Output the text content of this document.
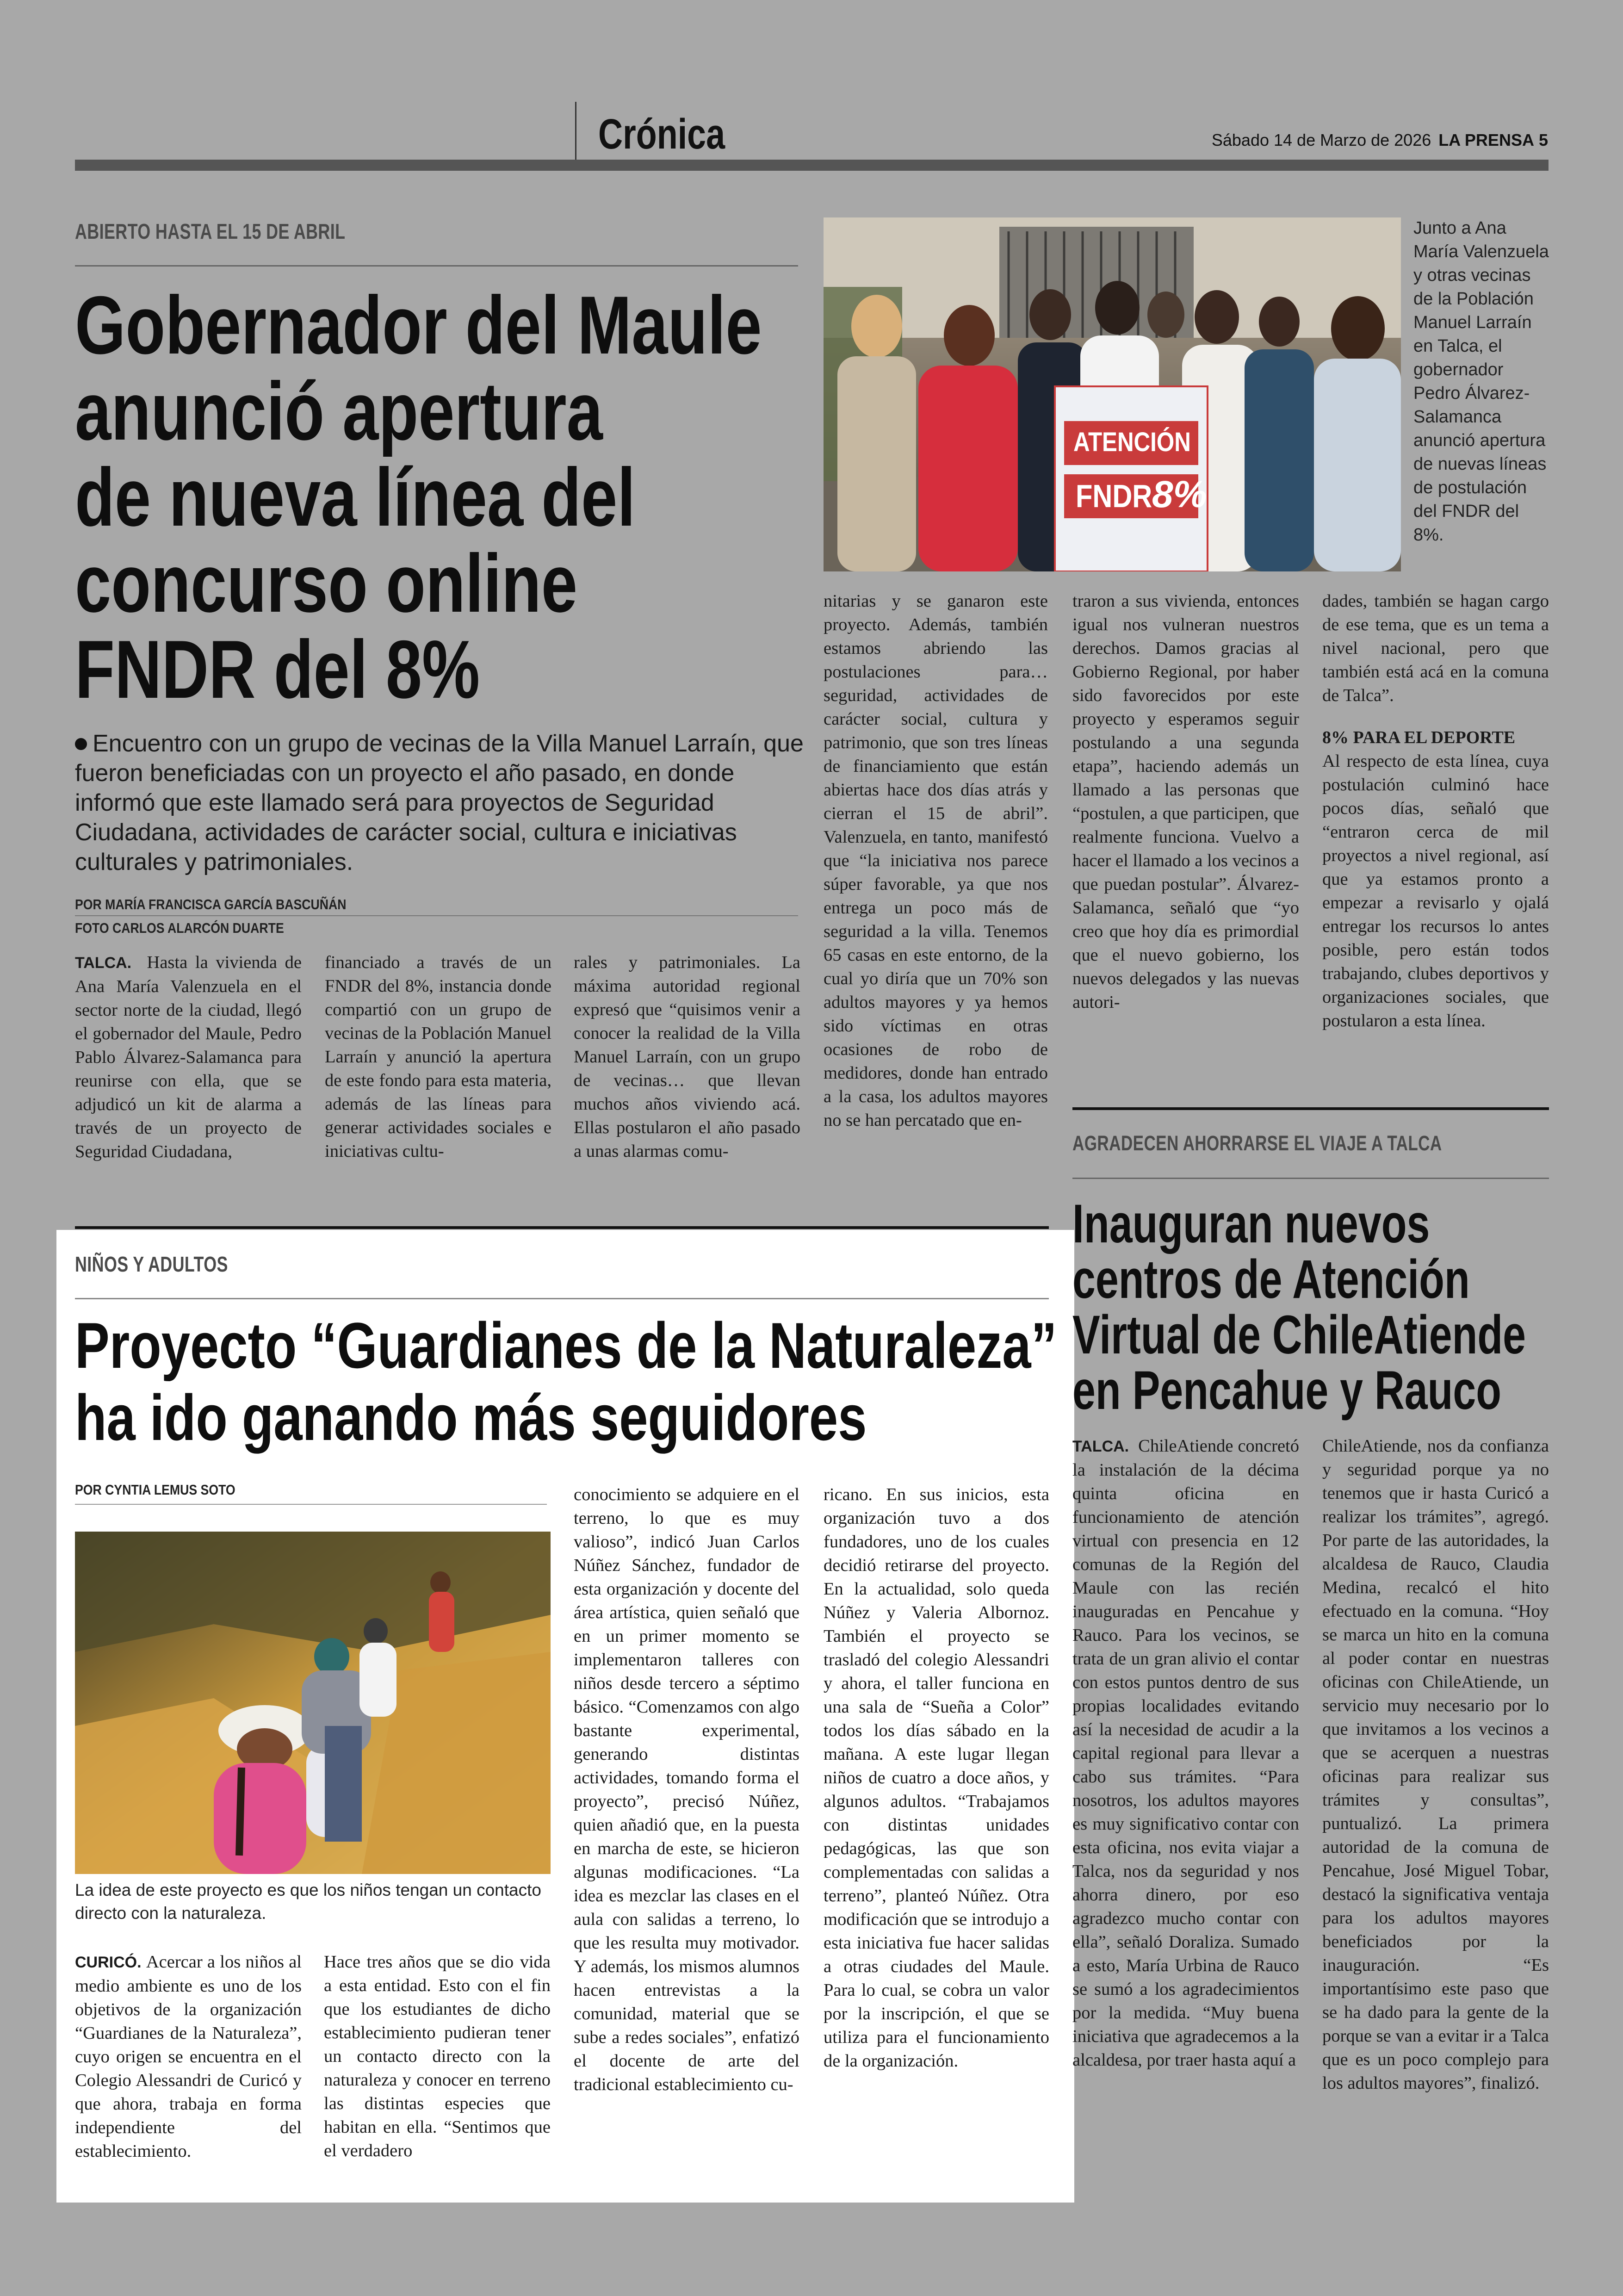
Crónica	Sábado 14 de Marzo de 2026 LA PRENSA 5
ABIERTO HASTA EL 15 DE ABRIL
Gobernador del Maule
anunció apertura
de nueva línea del
concurso online
FNDR del 8%
Encuentro con un grupo de vecinas de la Villa Manuel Larraín, que fueron beneficiadas con un proyecto el año pasado, en donde informó que este llamado será para proyectos de Seguridad Ciudadana, actividades de carácter social, cultura e iniciativas culturales y patrimoniales.
POR MARÍA FRANCISCA GARCÍA BASCUÑÁN
FOTO CARLOS ALARCÓN DUARTE
ATENCIÓN
FNDR 8%
Junto a Ana María Valenzuela y otras vecinas de la Población Manuel Larraín en Talca, el gobernador Pedro Álvarez-Salamanca anunció apertura de nuevas líneas de postulación del FNDR del 8%.

TALCA. Hasta la vivienda de Ana María Valenzuela en el sector norte de la ciudad, llegó el gobernador del Maule, Pedro Pablo Álvarez-Salamanca para reunirse con ella, que se adjudicó un kit de alarma a través de un proyecto de Seguridad Ciudadana,

financiado a través de un FNDR del 8%, instancia donde compartió con un grupo de vecinas de la Población Manuel Larraín y anunció la apertura de este fondo para esta materia, además de las líneas para generar actividades sociales e iniciativas cultu-
rales y patrimoniales. La máxima autoridad regional expresó que “quisimos venir a conocer la realidad de la Villa Manuel Larraín, con un grupo de vecinas… que llevan muchos años viviendo acá. Ellas postularon el año pasado a unas alarmas comu-
nitarias y se ganaron este proyecto. Además, también estamos abriendo las postulaciones para… seguridad, actividades de carácter social, cultura y patrimonio, que son tres líneas de financiamiento que están abiertas hace dos días atrás y cierran el 15 de abril”. Valenzuela, en tanto, manifestó que “la iniciativa nos parece súper favorable, ya que nos entrega un poco más de seguridad a la villa. Tenemos 65 casas en este entorno, de la cual yo diría que un 70% son adultos mayores y ya hemos sido víctimas en otras ocasiones de robo de medidores, donde han entrado a la casa, los adultos mayores no se han percatado que en-
traron a sus vivienda, entonces igual nos vulneran nuestros derechos. Damos gracias al Gobierno Regional, por haber sido favorecidos por este proyecto y esperamos seguir postulando a una segunda etapa”, haciendo además un llamado a las personas que “postulen, a que participen, que realmente funciona. Vuelvo a hacer el llamado a los vecinos a que puedan postular”. Álvarez-Salamanca, señaló que “yo creo que hoy día es primordial que el nuevo gobierno, los nuevos delegados y las nuevas autori-
dades, también se hagan cargo de ese tema, que es un tema a nivel nacional, pero que también está acá en la comuna de Talca”.
8% PARA EL DEPORTE
Al respecto de esta línea, cuya postulación culminó hace pocos días, señaló que “entraron cerca de mil proyectos a nivel regional, así que ya estamos pronto a empezar a revisarlo y ojalá entregar los recursos lo antes posible, pero están todos trabajando, clubes deportivos y organizaciones sociales, que postularon a esta línea.
NIÑOS Y ADULTOS
Proyecto “Guardianes de la Naturaleza”
ha ido ganando más seguidores
POR CYNTIA LEMUS SOTO
La idea de este proyecto es que los niños tengan un contacto directo con la naturaleza.

CURICÓ. Acercar a los niños al medio ambiente es uno de los objetivos de la organización “Guardianes de la Naturaleza”, cuyo origen se encuentra en el Colegio Alessandri de Curicó y que ahora, trabaja en forma independiente del establecimiento.

Hace tres años que se dio vida a esta entidad. Esto con el fin que los estudiantes de dicho establecimiento pudieran tener un contacto directo con la naturaleza y conocer en terreno las distintas especies que habitan en ella. “Sentimos que el verdadero
conocimiento se adquiere en el terreno, lo que es muy valioso”, indicó Juan Carlos Núñez Sánchez, fundador de esta organización y docente del área artística, quien señaló que en un primer momento se implementaron talleres con niños desde tercero a séptimo básico. “Comenzamos con algo bastante experimental, generando distintas actividades, tomando forma el proyecto”, precisó Núñez, quien añadió que, en la puesta en marcha de este, se hicieron algunas modificaciones. “La idea es mezclar las clases en el aula con salidas a terreno, lo que les resulta muy motivador. Y además, los mismos alumnos hacen entrevistas a la comunidad, material que se sube a redes sociales”, enfatizó el docente de arte del tradicional establecimiento cu-
ricano. En sus inicios, esta organización tuvo a dos fundadores, uno de los cuales decidió retirarse del proyecto. En la actualidad, solo queda Núñez y Valeria Albornoz. También el proyecto se trasladó del colegio Alessandri y ahora, el taller funciona en una sala de “Sueña a Color” todos los días sábado en la mañana. A este lugar llegan niños de cuatro a doce años, y algunos adultos. “Trabajamos con distintas unidades pedagógicas, las que son complementadas con salidas a terreno”, planteó Núñez. Otra modificación que se introdujo a esta iniciativa fue hacer salidas a otras ciudades del Maule. Para lo cual, se cobra un valor por la inscripción, el que se utiliza para el funcionamiento de la organización.
AGRADECEN AHORRARSE EL VIAJE A TALCA
Inauguran nuevos
centros de Atención
Virtual de ChileAtiende
en Pencahue y Rauco

TALCA. ChileAtiende concretó la instalación de la décima quinta oficina en funcionamiento de atención virtual con presencia en 12 comunas de la Región del Maule con las recién inauguradas en Pencahue y Rauco. Para los vecinos, se trata de un gran alivio el contar con estos puntos dentro de sus propias localidades evitando así la necesidad de acudir a la capital regional para llevar a cabo sus trámites. “Para nosotros, los adultos mayores es muy significativo contar con esta oficina, nos evita viajar a Talca, nos da seguridad y nos ahorra dinero, por eso agradezco mucho contar con ella”, señaló Doraliza. Sumado a esto, María Urbina de Rauco se sumó a los agradecimientos por la medida. “Muy buena iniciativa que agradecemos a la alcaldesa, por traer hasta aquí a

ChileAtiende, nos da confianza y seguridad porque ya no tenemos que ir hasta Curicó a realizar los trámites”, agregó. Por parte de las autoridades, la alcaldesa de Rauco, Claudia Medina, recalcó el hito efectuado en la comuna. “Hoy se marca un hito en la comuna al poder contar en nuestras oficinas con ChileAtiende, un servicio muy necesario por lo que invitamos a los vecinos a que se acerquen a nuestras oficinas para realizar sus trámites y consultas”, puntualizó. La primera autoridad de la comuna de Pencahue, José Miguel Tobar, destacó la significativa ventaja para los adultos mayores beneficiados por la inauguración. “Es importantísimo este paso que se ha dado para la gente de la porque se van a evitar ir a Talca que es un poco complejo para los adultos mayores”, finalizó.
